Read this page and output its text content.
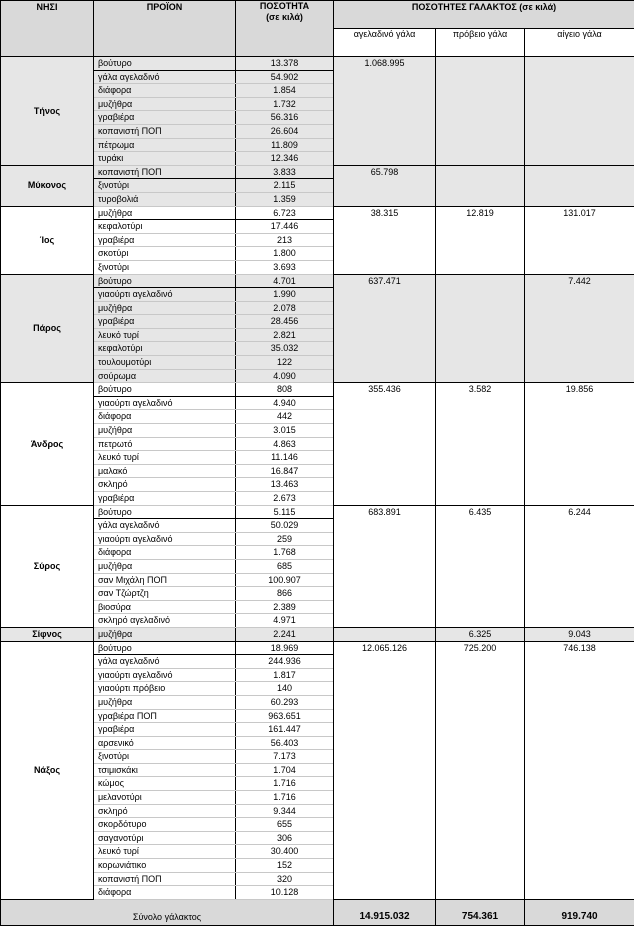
ΝΗΣΙ	ΠΡΟΪΟΝ	ΠΟΣΟΤΗΤΑ
(σε κιλά)	ΠΟΣΟΤΗΤΕΣ ΓΑΛΑΚΤΟΣ (σε κιλά)		
			αγελαδινό γάλα	πρόβειο γάλα	αίγειο γάλα
Τήνος	βούτυρο	13.378	1.068.995		
	γάλα αγελαδινό	54.902			
	διάφορα	1.854			
	μυζήθρα	1.732			
	γραβιέρα	56.316			
	κοπανιστή ΠΟΠ	26.604			
	πέτρωμα	11.809			
	τυράκι	12.346			
Μύκονος	κοπανιστή ΠΟΠ	3.833	65.798		
	ξινοτύρι	2.115			
	τυροβολιά	1.359			
Ίος	μυζήθρα	6.723	38.315	12.819	131.017
	κεφαλοτύρι	17.446			
	γραβιέρα	213			
	σκοτύρι	1.800			
	ξινοτύρι	3.693			
Πάρος	βούτυρο	4.701	637.471		7.442
	γιαούρτι αγελαδινό	1.990			
	μυζήθρα	2.078			
	γραβιέρα	28.456			
	λευκό τυρί	2.821			
	κεφαλοτύρι	35.032			
	τουλουμοτύρι	122			
	σούρωμα	4.090			
Άνδρος	βούτυρο	808	355.436	3.582	19.856
	γιαούρτι αγελαδινό	4.940			
	διάφορα	442			
	μυζήθρα	3.015			
	πετρωτό	4.863			
	λευκό τυρί	11.146			
	μαλακό	16.847			
	σκληρό	13.463			
	γραβιέρα	2.673			
Σύρος	βούτυρο	5.115	683.891	6.435	6.244
	γάλα αγελαδινό	50.029			
	γιαούρτι αγελαδινό	259			
	διάφορα	1.768			
	μυζήθρα	685			
	σαν Μιχάλη ΠΟΠ	100.907			
	σαν Τζώρτζη	866			
	βιοσύρα	2.389			
	σκληρό αγελαδινό	4.971			
Σίφνος	μυζήθρα	2.241		6.325	9.043
Νάξος	βούτυρο	18.969	12.065.126	725.200	746.138
	γάλα αγελαδινό	244.936			
	γιαούρτι αγελαδινό	1.817			
	γιαούρτι πρόβειο	140			
	μυζήθρα	60.293			
	γραβιέρα ΠΟΠ	963.651			
	γραβιέρα	161.447			
	αρσενικό	56.403			
	ξινοτύρι	7.173			
	τσιμισκάκι	1.704			
	κώμος	1.716			
	μελανοτύρι	1.716			
	σκληρό	9.344			
	σκορδότυρο	655			
	σαγανοτύρι	306			
	λευκό τυρί	30.400			
	κορωνιάτικο	152			
	κοπανιστή ΠΟΠ	320			
	διάφορα	10.128			
Σύνολο γάλακτος			14.915.032	754.361	919.740
